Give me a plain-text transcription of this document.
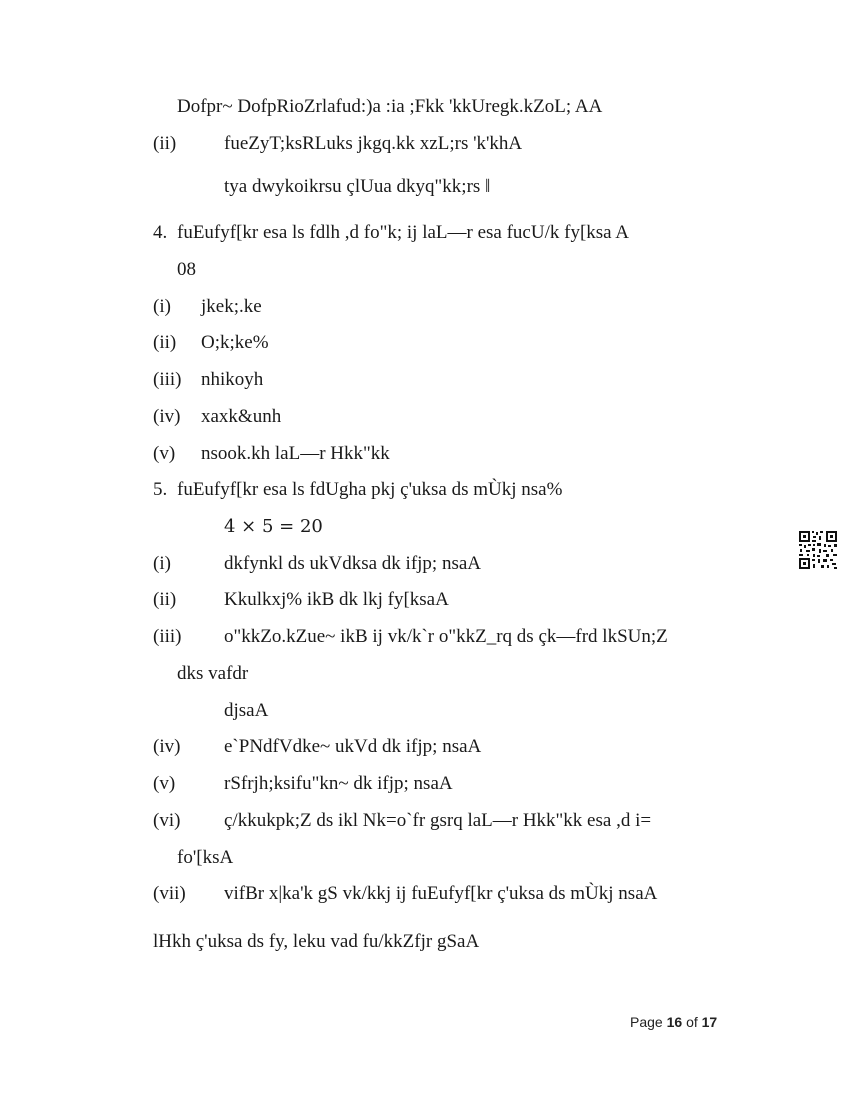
Dofpr~ DofpRioZrlafud:)a :ia ;Fkk 'kkUregk.kZoL; AA
(ii)	fueZyT;ksRLuks jkgq.kk xzL;rs 'k'khA
tya dwykoikrsu çlUua dkyq"kk;rs ‖
4. fuEufyf[kr esa ls fdlh ,d fo"k; ij laL—r esa fucU/k fy[ksa A
08
(i) jkek;.ke
(ii) O;k;ke%
(iii) nhikoyh
(iv) xaxk&unh
(v) nsook.kh laL—r Hkk"kk
5. fuEufyf[kr esa ls fdUgha pkj ç'uksa ds mÙkj nsa%
4 × 5 = 20
(i)	dkfynkl ds ukVdksa dk ifjp; nsaA
(ii)	Kkulkxj% ikB dk lkj fy[ksaA
(iii) o"kkZo.kZue~ ikB ij vk/k`r o"kkZ_rq ds çk—frd lkSUn;Z
dks vafdr
djsaA
(iv) e`PNdfVdke~ ukVd dk ifjp; nsaA
(v)	rSfrjh;ksifu"kn~ dk ifjp; nsaA
(vi) ç/kkukpk;Z ds ikl Nk=o`fr gsrq laL—r Hkk"kk esa ,d i=
fo'[ksA
(vii) vifBr x|ka'k gS vk/kkj ij fuEufyf[kr ç'uksa ds mÙkj nsaA
lHkh ç'uksa ds fy, leku vad fu/kkZfjr gSaA
Page 16 of 17
